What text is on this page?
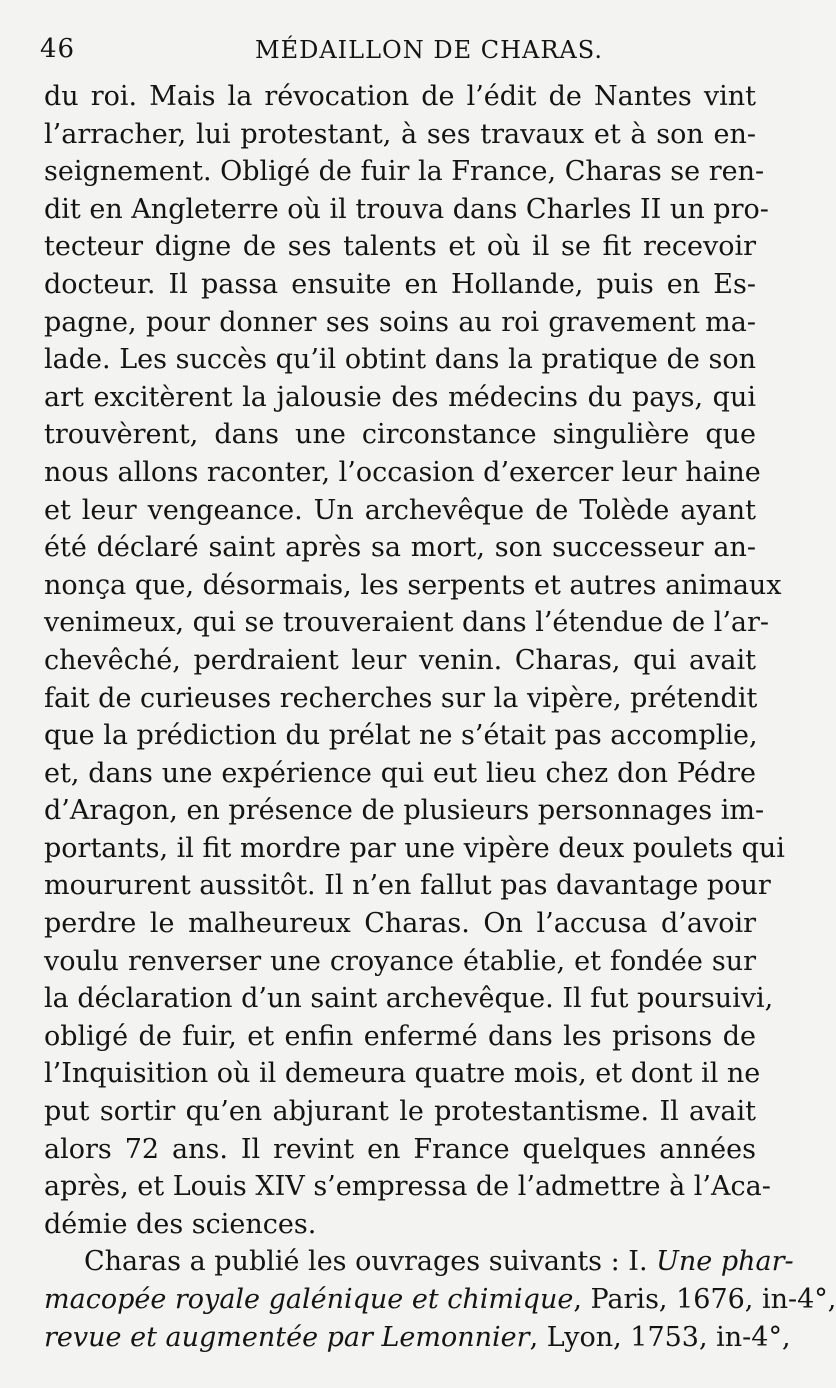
46	MÉDAILLON DE CHARAS.
du roi. Mais la révocation de l’édit de Nantes vint
l’arracher, lui protestant, à ses travaux et à son en-
seignement. Obligé de fuir la France, Charas se ren-
dit en Angleterre où il trouva dans Charles II un pro-
tecteur digne de ses talents et où il se fit recevoir
docteur. Il passa ensuite en Hollande, puis en Es-
pagne, pour donner ses soins au roi gravement ma-
lade. Les succès qu’il obtint dans la pratique de son
art excitèrent la jalousie des médecins du pays, qui
trouvèrent, dans une circonstance singulière que
nous allons raconter, l’occasion d’exercer leur haine
et leur vengeance. Un archevêque de Tolède ayant
été déclaré saint après sa mort, son successeur an-
nonça que, désormais, les serpents et autres animaux
venimeux, qui se trouveraient dans l’étendue de l’ar-
chevêché, perdraient leur venin. Charas, qui avait
fait de curieuses recherches sur la vipère, prétendit
que la prédiction du prélat ne s’était pas accomplie,
et, dans une expérience qui eut lieu chez don Pédre
d’Aragon, en présence de plusieurs personnages im-
portants, il fit mordre par une vipère deux poulets qui
moururent aussitôt. Il n’en fallut pas davantage pour
perdre le malheureux Charas. On l’accusa d’avoir
voulu renverser une croyance établie, et fondée sur
la déclaration d’un saint archevêque. Il fut poursuivi,
obligé de fuir, et enfin enfermé dans les prisons de
l’Inquisition où il demeura quatre mois, et dont il ne
put sortir qu’en abjurant le protestantisme. Il avait
alors 72 ans. Il revint en France quelques années
après, et Louis XIV s’empressa de l’admettre à l’Aca-
démie des sciences.
Charas a publié les ouvrages suivants : I. Une phar-
macopée royale galénique et chimique, Paris, 1676, in-4°,
revue et augmentée par Lemonnier, Lyon, 1753, in-4°,
